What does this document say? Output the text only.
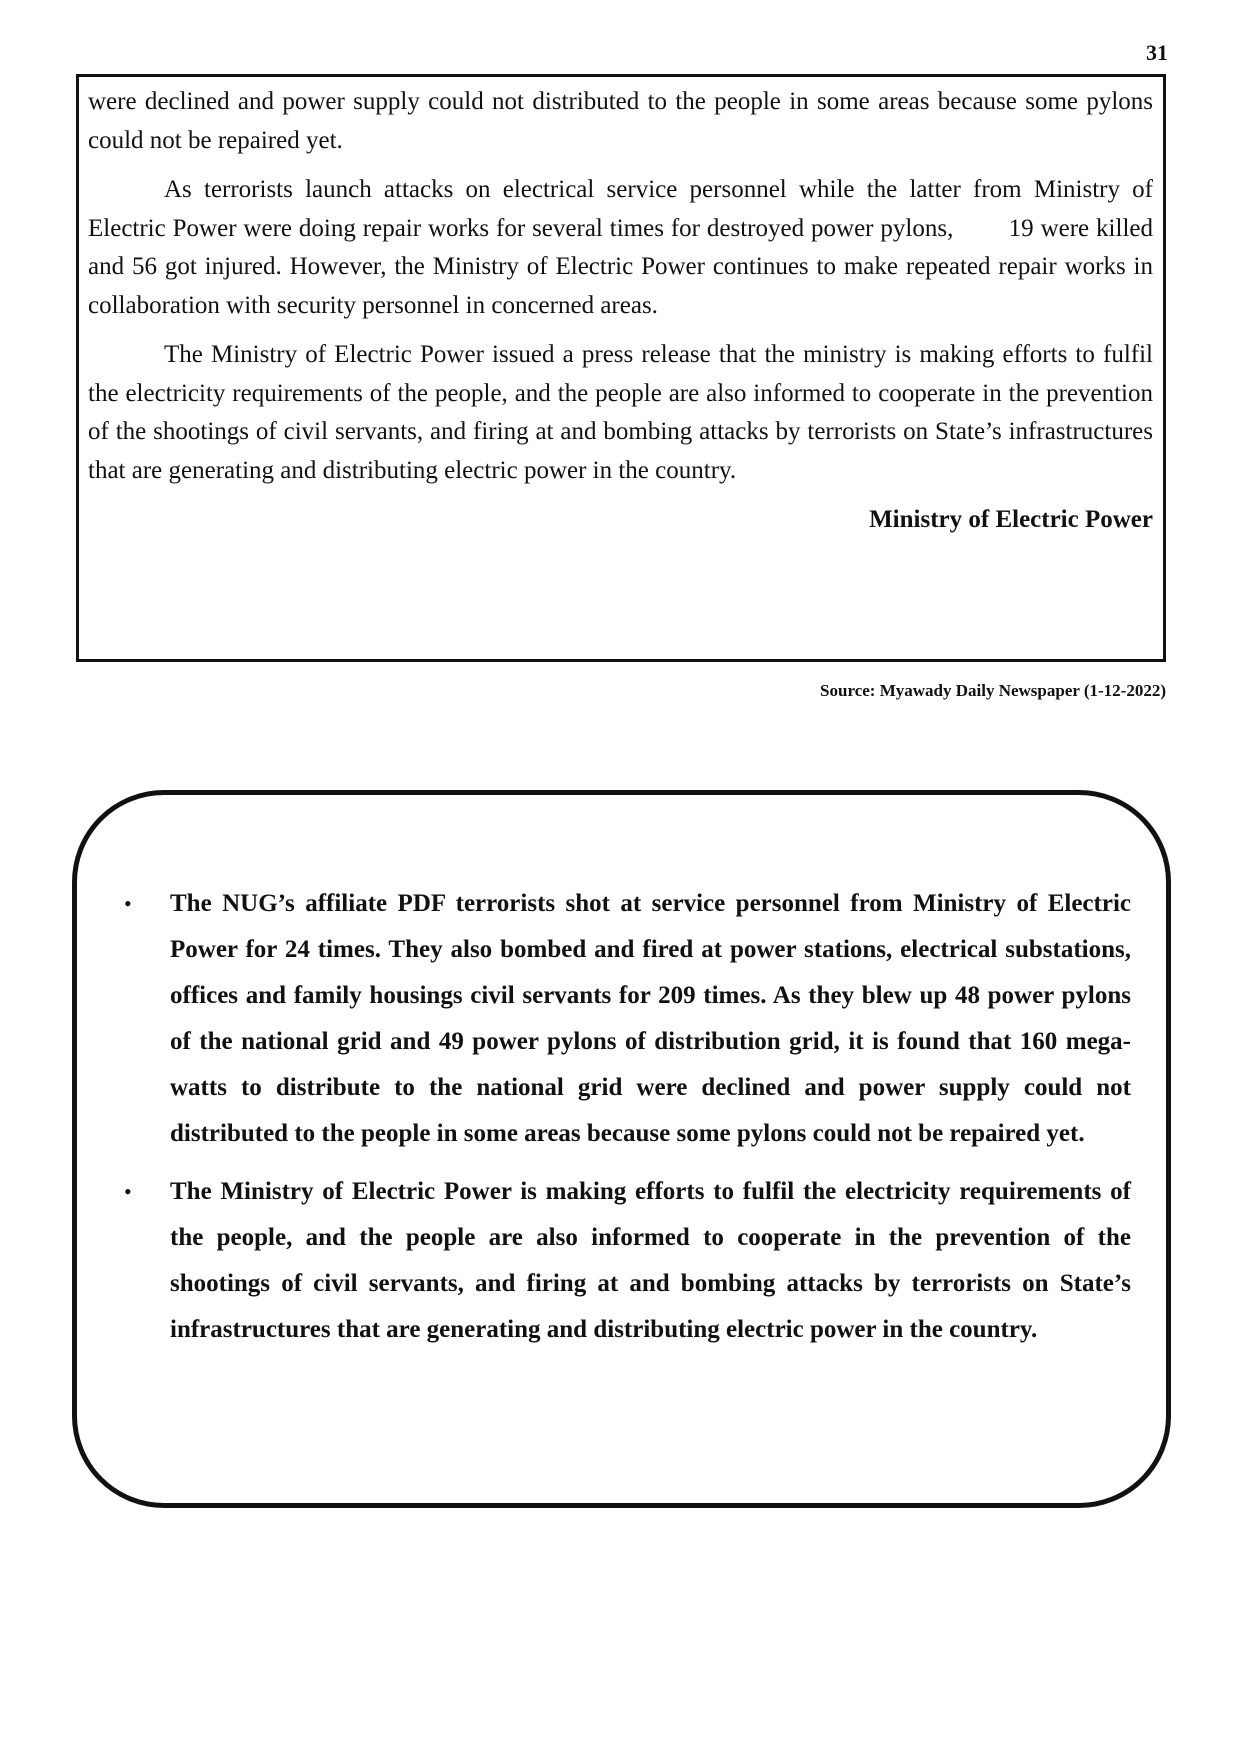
31

were declined and power supply could not distributed to the people in some areas because some pylons could not be repaired yet.

As terrorists launch attacks on electrical service personnel while the latter from Ministry of Electric Power were doing repair works for several times for destroyed power pylons,        19 were killed and 56 got injured. However, the Ministry of Electric Power continues to make repeated repair works in collaboration with security personnel in concerned areas.

The Ministry of Electric Power issued a press release that the ministry is making efforts to fulfil the electricity requirements of the people, and the people are also informed to cooperate in the prevention of the shootings of civil servants, and firing at and bombing attacks by terrorists on State’s infrastructures that are generating and distributing electric power in the country.

Ministry of Electric Power
Source: Myawady Daily Newspaper (1-12-2022)
• The NUG’s affiliate PDF terrorists shot at service personnel from Ministry of Electric Power for 24 times. They also bombed and fired at power stations, electrical substations, offices and family housings civil servants for 209 times. As they blew up 48 power pylons of the national grid and 49 power pylons of distribution grid, it is found that 160 mega-watts to distribute to the national grid were declined and power supply could not distributed to the people in some areas because some pylons could not be repaired yet.
• The Ministry of Electric Power is making efforts to fulfil the electricity requirements of the people, and the people are also informed to cooperate in the prevention of the shootings of civil servants, and firing at and bombing attacks by terrorists on State’s infrastructures that are generating and distributing electric power in the country.
